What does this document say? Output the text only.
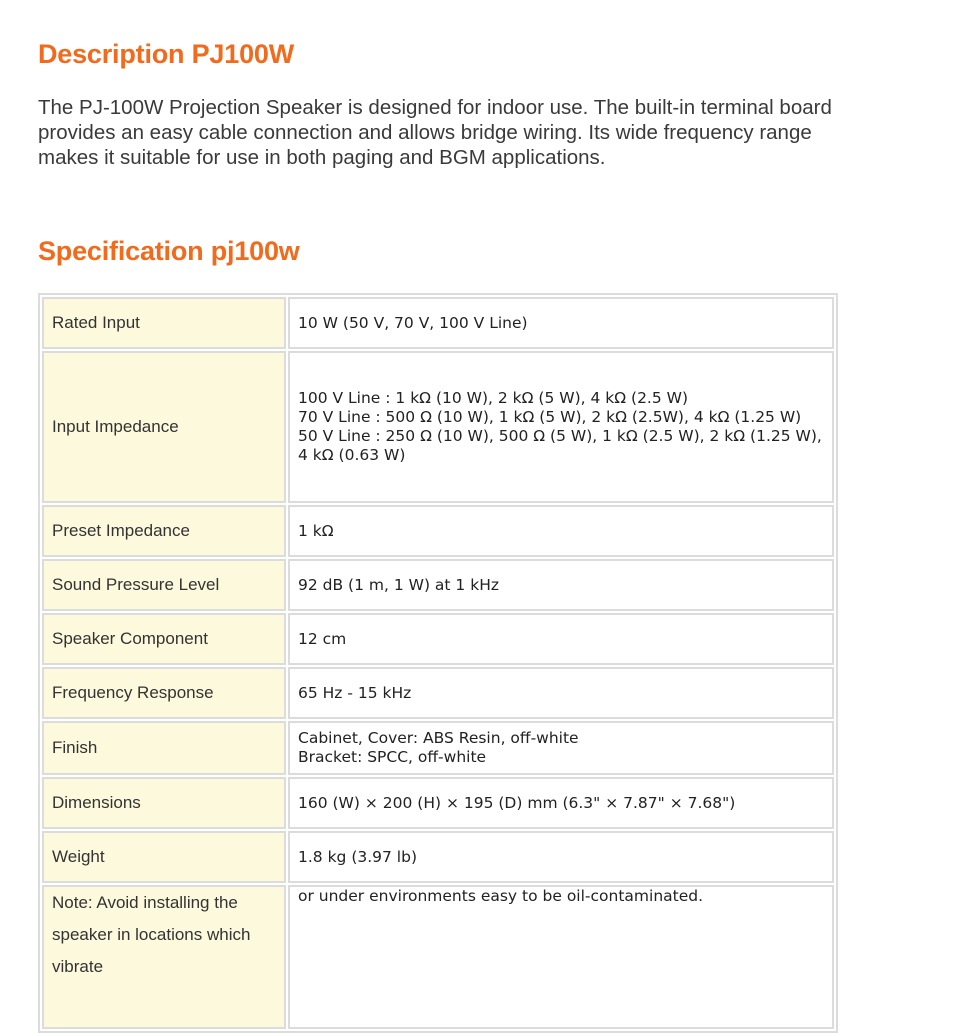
Description PJ100W

The PJ-100W Projection Speaker is designed for indoor use. The built-in terminal board provides an easy cable connection and allows bridge wiring. Its wide frequency range makes it suitable for use in both paging and BGM applications.

Specification pj100w
Rated Input	10 W (50 V, 70 V, 100 V Line)

Input Impedance	100 V Line : 1 kΩ (10 W), 2 kΩ (5 W), 4 kΩ (2.5 W)
70 V Line : 500 Ω (10 W), 1 kΩ (5 W), 2 kΩ (2.5W), 4 kΩ (1.25 W)
50 V Line : 250 Ω (10 W), 500 Ω (5 W), 1 kΩ (2.5 W), 2 kΩ (1.25 W),
4 kΩ (0.63 W)

Preset Impedance	1 kΩ

Sound Pressure Level	92 dB (1 m, 1 W) at 1 kHz

Speaker Component	12 cm

Frequency Response	65 Hz - 15 kHz

Finish	Cabinet, Cover: ABS Resin, off-white
Bracket: SPCC, off-white

Dimensions	160 (W) × 200 (H) × 195 (D) mm (6.3" × 7.87" × 7.68")

Weight	1.8 kg (3.97 lb)

Note: Avoid installing the speaker in locations which vibrate	or under environments easy to be oil-contaminated.
